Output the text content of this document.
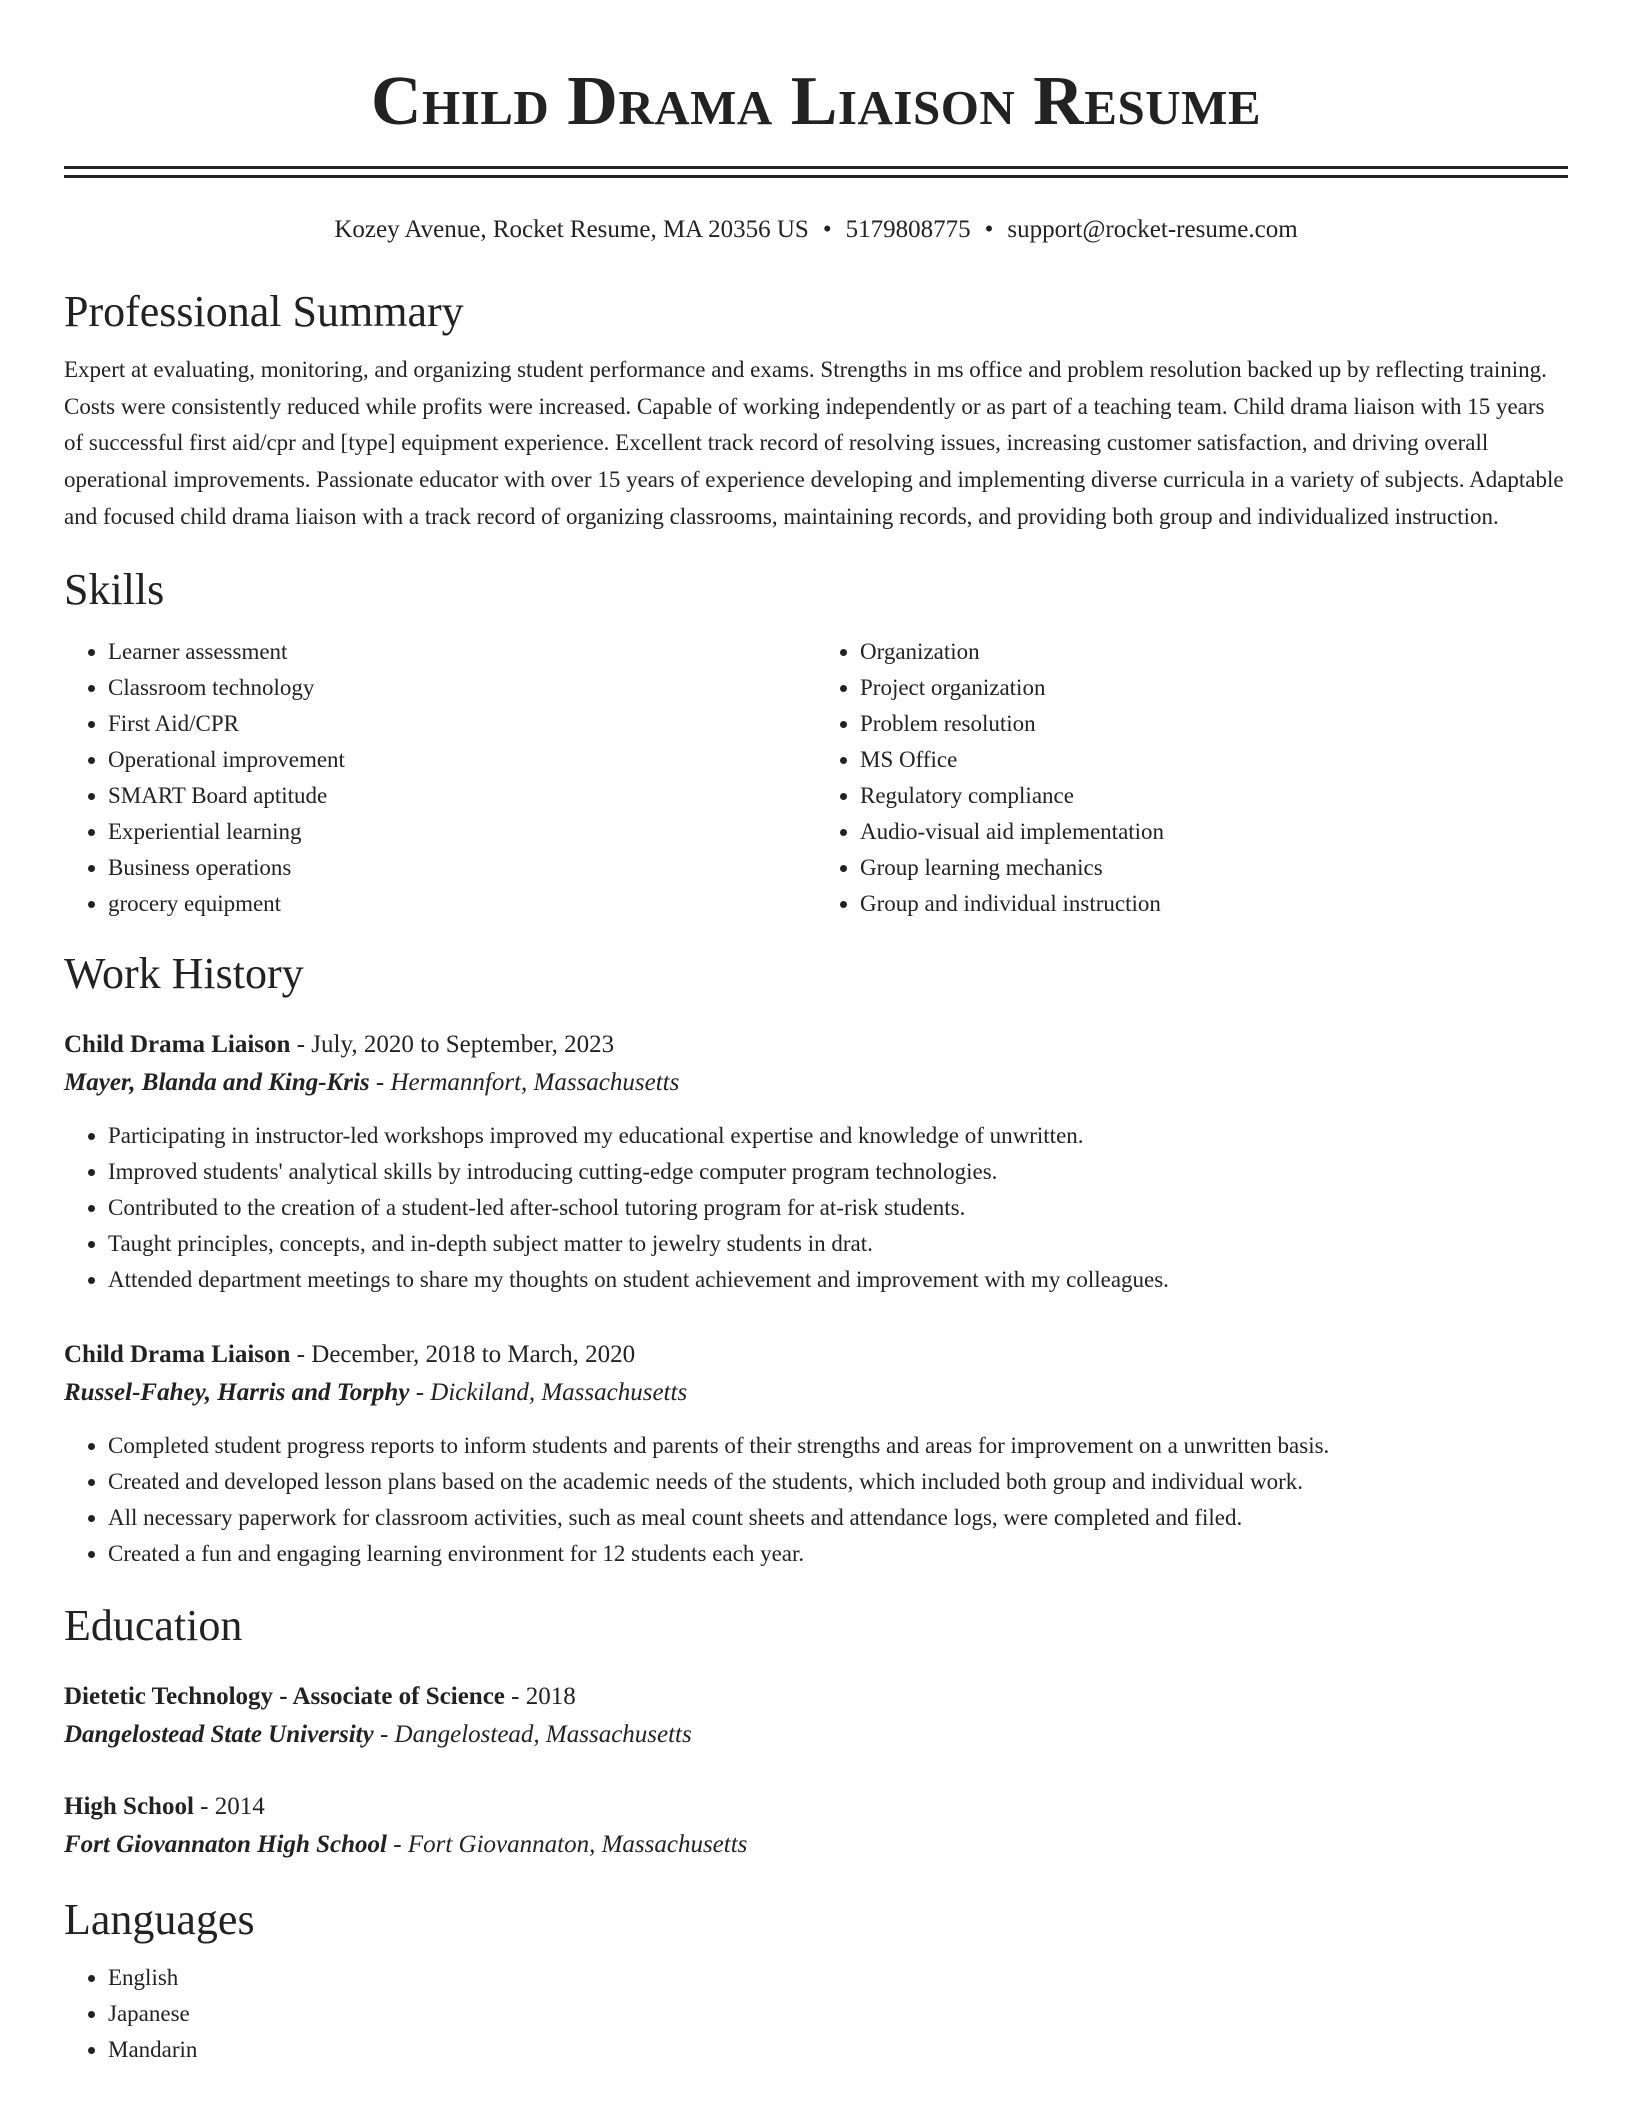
Child Drama Liaison Resume
Kozey Avenue, Rocket Resume, MA 20356 US • 5179808775 • support@rocket-resume.com
Professional Summary

Expert at evaluating, monitoring, and organizing student performance and exams. Strengths in ms office and problem resolution backed up by reflecting training. Costs were consistently reduced while profits were increased. Capable of working independently or as part of a teaching team. Child drama liaison with 15 years of successful first aid/cpr and [type] equipment experience. Excellent track record of resolving issues, increasing customer satisfaction, and driving overall operational improvements. Passionate educator with over 15 years of experience developing and implementing diverse curricula in a variety of subjects. Adaptable and focused child drama liaison with a track record of organizing classrooms, maintaining records, and providing both group and individualized instruction.

Skills
• Learner assessment
• Classroom technology
• First Aid/CPR
• Operational improvement
• SMART Board aptitude
• Experiential learning
• Business operations
• grocery equipment
• Organization
• Project organization
• Problem resolution
• MS Office
• Regulatory compliance
• Audio-visual aid implementation
• Group learning mechanics
• Group and individual instruction
Work History
Child Drama Liaison - July, 2020 to September, 2023
Mayer, Blanda and King-Kris - Hermannfort, Massachusetts
• Participating in instructor-led workshops improved my educational expertise and knowledge of unwritten.
• Improved students' analytical skills by introducing cutting-edge computer program technologies.
• Contributed to the creation of a student-led after-school tutoring program for at-risk students.
• Taught principles, concepts, and in-depth subject matter to jewelry students in drat.
• Attended department meetings to share my thoughts on student achievement and improvement with my colleagues.
Child Drama Liaison - December, 2018 to March, 2020
Russel-Fahey, Harris and Torphy - Dickiland, Massachusetts
• Completed student progress reports to inform students and parents of their strengths and areas for improvement on a unwritten basis.
• Created and developed lesson plans based on the academic needs of the students, which included both group and individual work.
• All necessary paperwork for classroom activities, such as meal count sheets and attendance logs, were completed and filed.
• Created a fun and engaging learning environment for 12 students each year.
Education
Dietetic Technology - Associate of Science - 2018
Dangelostead State University - Dangelostead, Massachusetts
High School - 2014
Fort Giovannaton High School - Fort Giovannaton, Massachusetts
Languages
• English
• Japanese
• Mandarin
